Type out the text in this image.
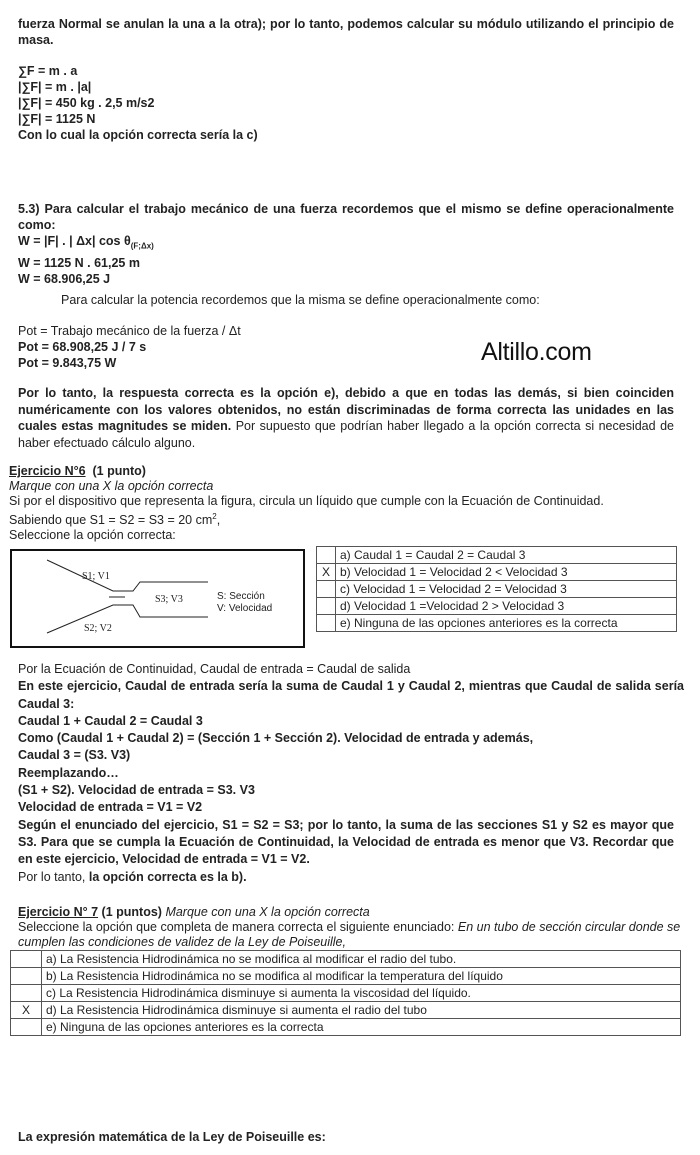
fuerza Normal se anulan la una a la otra); por lo tanto, podemos calcular su módulo utilizando el principio de masa.
∑F = m . a
|∑F| = m . |a|
|∑F| = 450 kg . 2,5 m/s2
|∑F| = 1125 N
Con lo cual la opción correcta sería la c)
5.3) Para calcular el trabajo mecánico de una fuerza recordemos que el mismo se define operacionalmente como:
W = |F| . | Δx| $\cos \theta_{(F;\Delta x)}$
W = 1125 N . 61,25 m
W = 68.906,25 J
Para calcular la potencia recordemos que la misma se define operacionalmente como:
Pot = Trabajo mecánico de la fuerza / Δt
Pot = 68.908,25 J / 7 s
Pot = 9.843,75 W	Altillo.com
Por lo tanto, la respuesta correcta es la opción e), debido a que en todas las demás, si bien coinciden numéricamente con los valores obtenidos, no están discriminadas de forma correcta las unidades en las cuales estas magnitudes se miden. Por supuesto que podrían haber llegado a la opción correcta si necesidad de haber efectuado cálculo alguno.
Ejercicio N°6 (1 punto)
Marque con una X la opción correcta
Si por el dispositivo que representa la figura, circula un líquido que cumple con la Ecuación de Continuidad.
Sabiendo que S1 = S2 = S3 = 20 $cm^2$,
Seleccione la opción correcta:
S1; V1
S3; V3
S2; V2
S: Sección
V: Velocidad
	a) Caudal 1 = Caudal 2 = Caudal 3
X	b) Velocidad 1 = Velocidad 2 < Velocidad 3
	c) Velocidad 1 = Velocidad 2 = Velocidad 3
	d) Velocidad 1 =Velocidad 2 > Velocidad 3
	e) Ninguna de las opciones anteriores es la correcta
Por la Ecuación de Continuidad, Caudal de entrada = Caudal de salida
En este ejercicio, Caudal de entrada sería la suma de Caudal 1 y Caudal 2, mientras que Caudal de salida sería Caudal 3:
Caudal 1 + Caudal 2 = Caudal 3
Como (Caudal 1 + Caudal 2) = (Sección 1 + Sección 2). Velocidad de entrada y además,
Caudal 3 = (S3. V3)
Reemplazando…
(S1 + S2). Velocidad de entrada = S3. V3
Velocidad de entrada = V1 = V2
Según el enunciado del ejercicio, S1 = S2 = S3; por lo tanto, la suma de las secciones S1 y S2 es mayor que S3. Para que se cumpla la Ecuación de Continuidad, la Velocidad de entrada es menor que V3. Recordar que en este ejercicio, Velocidad de entrada = V1 = V2.
Por lo tanto, la opción correcta es la b).
Ejercicio N° 7 (1 puntos) Marque con una X la opción correcta
Seleccione la opción que completa de manera correcta el siguiente enunciado: En un tubo de sección circular donde se cumplen las condiciones de validez de la Ley de Poiseuille,
	a) La Resistencia Hidrodinámica no se modifica al modificar el radio del tubo.
	b) La Resistencia Hidrodinámica no se modifica al modificar la temperatura del líquido
	c) La Resistencia Hidrodinámica disminuye si aumenta la viscosidad del líquido.
X	d) La Resistencia Hidrodinámica disminuye si aumenta el radio del tubo
	e) Ninguna de las opciones anteriores es la correcta
La expresión matemática de la Ley de Poiseuille es:
